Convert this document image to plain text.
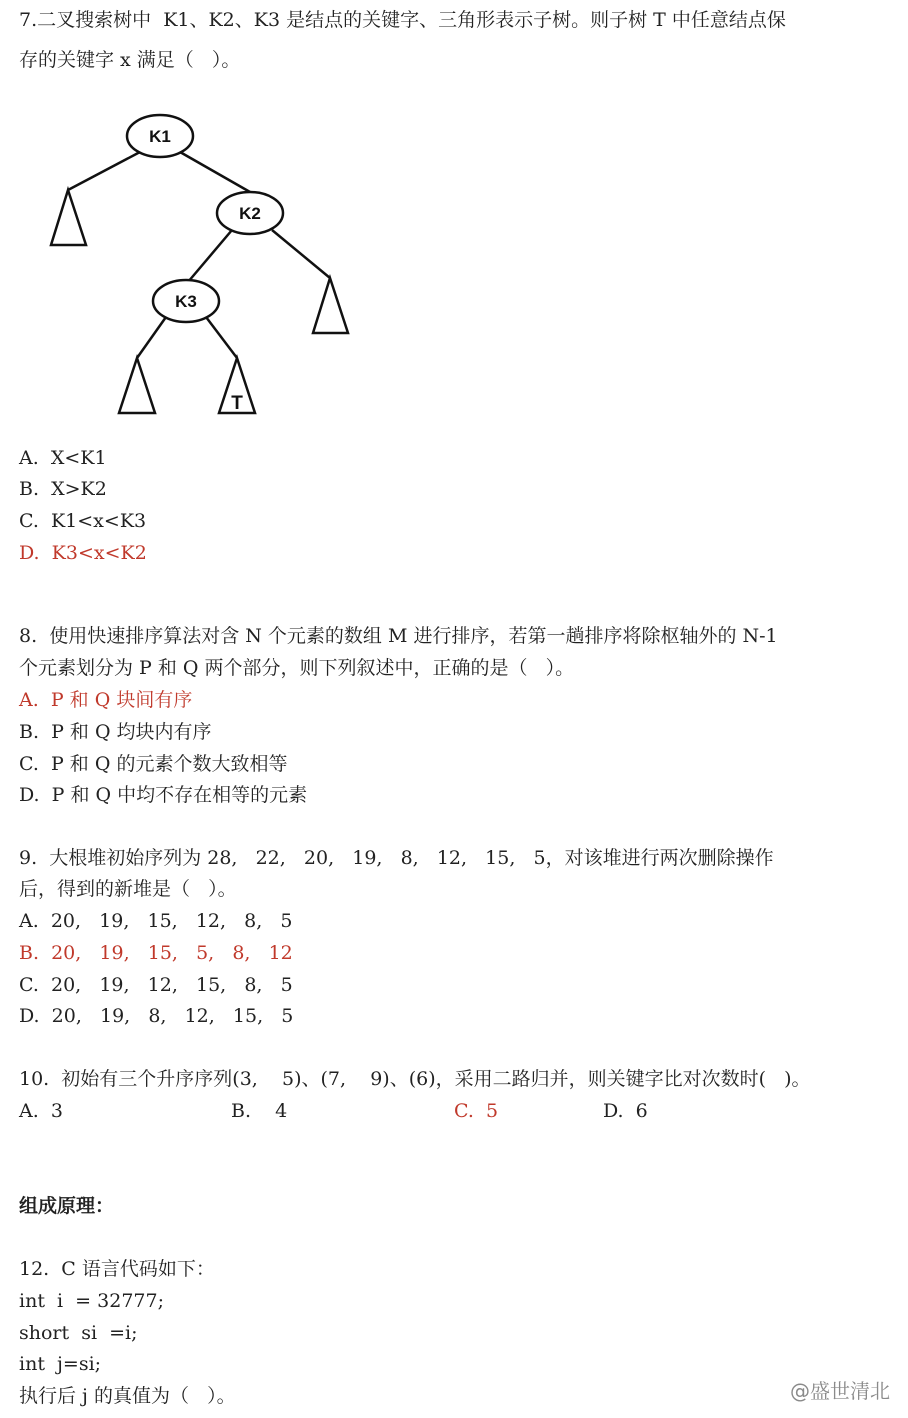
7.二叉搜索树中  K1、K2、K3 是结点的关键字、三角形表示子树。则子树 T 中任意结点保
存的关键字 x 满足（   ）。
K1
K2
K3
T
A.  X<K1
B.  X>K2
C.  K1<x<K3
D.  K3<x<K2
8.  使用快速排序算法对含 N 个元素的数组 M 进行排序，若第一趟排序将除枢轴外的 N-1
个元素划分为 P 和 Q 两个部分，则下列叙述中，正确的是（   ）。
A.  P 和 Q 块间有序
B.  P 和 Q 均块内有序
C.  P 和 Q 的元素个数大致相等
D.  P 和 Q 中均不存在相等的元素
9.  大根堆初始序列为 28,   22,   20,   19,   8,   12,   15,   5，对该堆进行两次删除操作
后，得到的新堆是（   ）。
A.  20,   19,   15,   12,   8,   5
B.  20,   19,   15,   5,   8,   12
C.  20,   19,   12,   15,   8,   5
D.  20,   19,   8,   12,   15,   5
10.  初始有三个升序序列(3,    5)、(7,    9)、(6)，采用二路归并，则关键字比对次数时(   )。
A.  3	B.    4	C.  5	D.  6
组成原理：
12.  C 语言代码如下：
int  i  = 32777;
short  si  =i;
int  j=si;
执行后 j 的真值为（   ）。	@盛世清北
